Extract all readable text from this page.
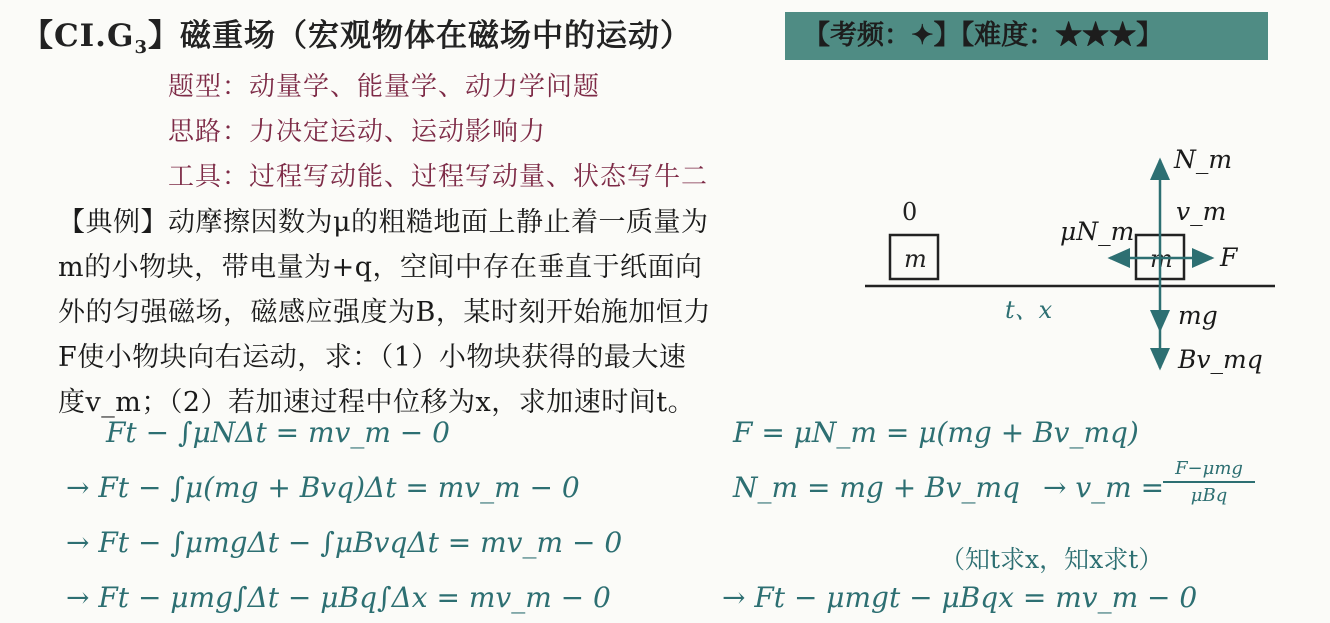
【$CI.G_3$】磁重场（宏观物体在磁场中的运动）	【考频：✦】【难度：★★★】
题型：动量学、能量学、动力学问题
思路：力决定运动、运动影响力
工具：过程写动能、过程写动量、状态写牛二

【典例】动摩擦因数为μ的粗糙地面上静止着一质量为

m的小物块，带电量为+q，空间中存在垂直于纸面向

外的匀强磁场，磁感应强度为B，某时刻开始施加恒力

F使小物块向右运动，求：（1）小物块获得的最大速

度v_m；（2）若加速过程中位移为x，求加速时间t。

0
m
t、x
m
N_m
v_m
μN_m
F
mg
Bv_mq
Ft − ∫μNΔt = mv_m − 0
→ Ft − ∫μ(mg + Bvq)Δt = mv_m − 0
→ Ft − ∫μmgΔt − ∫μBvqΔt = mv_m − 0
→ Ft − μmg∫Δt − μBq∫Δx = mv_m − 0
F = μN_m = μ(mg + Bv_mq)
N_m = mg + Bv_mq → v_m =
F−μmg
μBq
（知t求x，知x求t）
→ Ft − μmgt − μBqx = mv_m − 0
